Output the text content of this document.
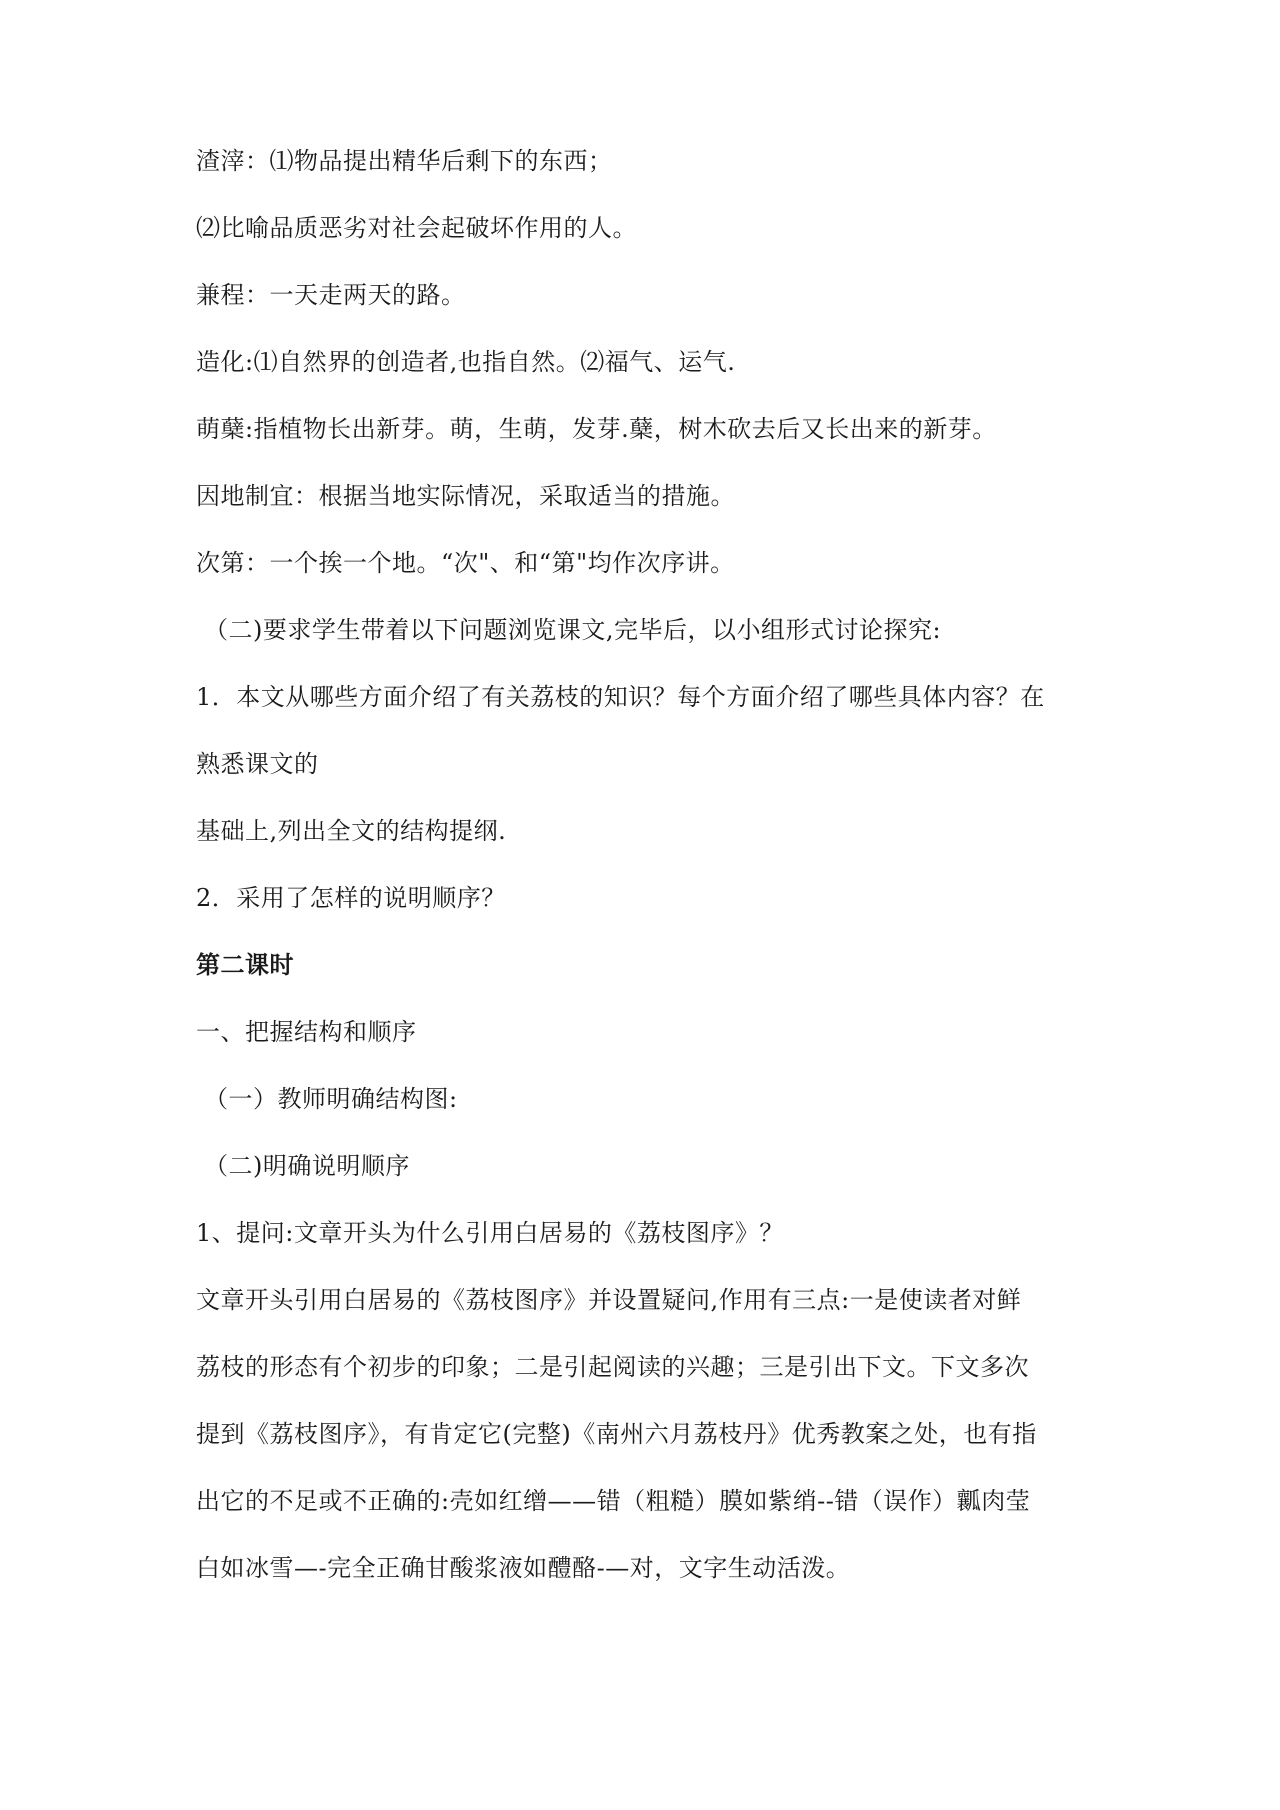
渣滓：⑴物品提出精华后剩下的东西；
⑵比喻品质恶劣对社会起破坏作用的人。
兼程：一天走两天的路。
造化:⑴自然界的创造者,也指自然。⑵福气、运气.
萌蘖:指植物长出新芽。萌，生萌，发芽.蘖，树木砍去后又长出来的新芽。
因地制宜：根据当地实际情况，采取适当的措施。
次第：一个挨一个地。“次"、和“第"均作次序讲。
（二)要求学生带着以下问题浏览课文,完毕后，以小组形式讨论探究:
1．本文从哪些方面介绍了有关荔枝的知识？每个方面介绍了哪些具体内容？在
熟悉课文的
基础上,列出全文的结构提纲.
2．采用了怎样的说明顺序？
第二课时
一、把握结构和顺序
（一）教师明确结构图:
（二)明确说明顺序
1、提问:文章开头为什么引用白居易的《荔枝图序》？
文章开头引用白居易的《荔枝图序》并设置疑问,作用有三点:一是使读者对鲜
荔枝的形态有个初步的印象；二是引起阅读的兴趣；三是引出下文。下文多次
提到《荔枝图序》，有肯定它(完整)《南州六月荔枝丹》优秀教案之处，也有指
出它的不足或不正确的:壳如红缯——错（粗糙）膜如紫绡--错（误作）瓤肉莹
白如冰雪—-完全正确甘酸浆液如醴酪-—对，文字生动活泼。
